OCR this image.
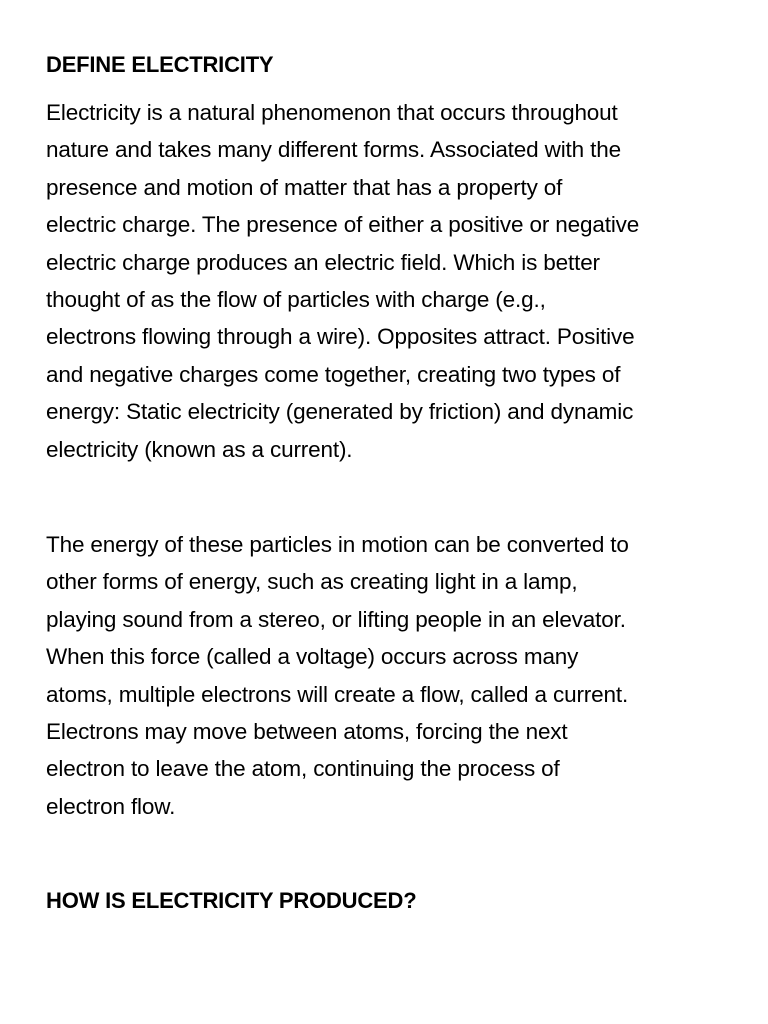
DEFINE ELECTRICITY

Electricity is a natural phenomenon that occurs throughout
nature and takes many different forms. Associated with the
presence and motion of matter that has a property of
electric charge. The presence of either a positive or negative
electric charge produces an electric field. Which is better
thought of as the flow of particles with charge (e.g.,
electrons flowing through a wire). Opposites attract. Positive
and negative charges come together, creating two types of
energy: Static electricity (generated by friction) and dynamic
electricity (known as a current).

The energy of these particles in motion can be converted to
other forms of energy, such as creating light in a lamp,
playing sound from a stereo, or lifting people in an elevator.
When this force (called a voltage) occurs across many
atoms, multiple electrons will create a flow, called a current.
Electrons may move between atoms, forcing the next
electron to leave the atom, continuing the process of
electron flow.

HOW IS ELECTRICITY PRODUCED?
